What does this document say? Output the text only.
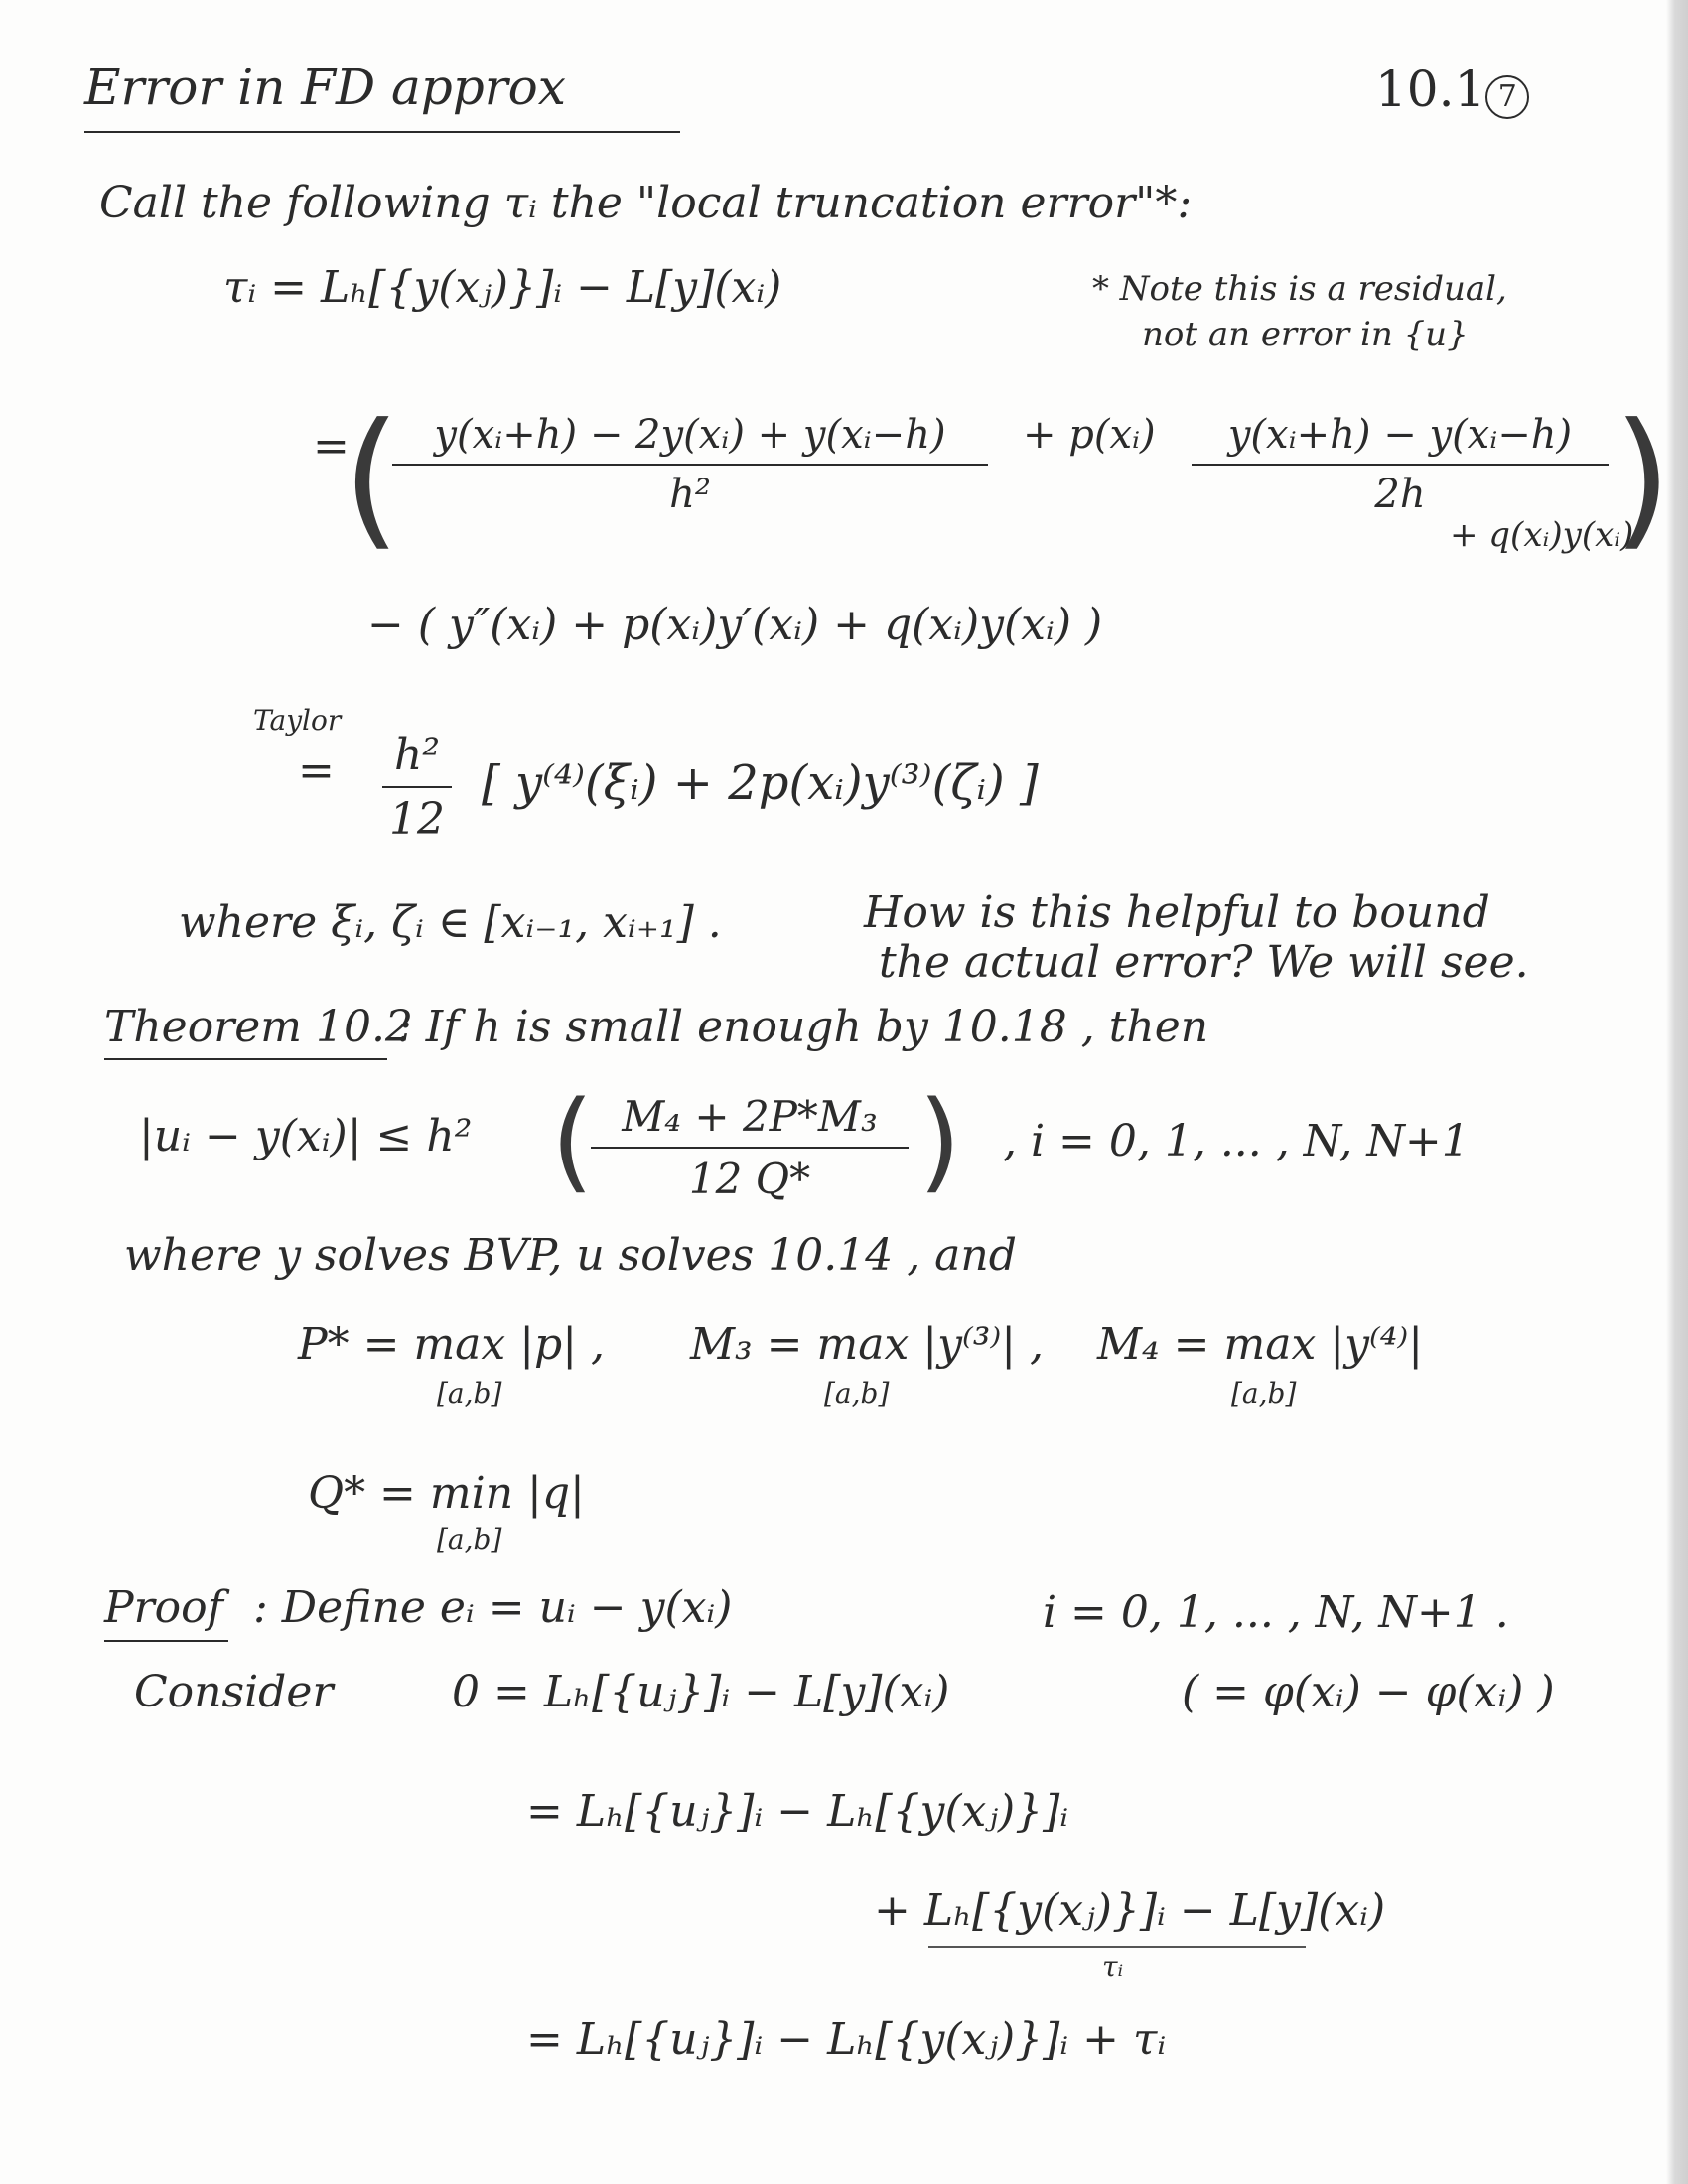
Error in FD approx	10.1 7
Call the following τᵢ the "local truncation error"*:
τᵢ = Lₕ[{y(xⱼ)}]ᵢ − L[y](xᵢ)	* Note this is a residual,
not an error in {u}
(
=	y(xᵢ+h) − 2y(xᵢ) + y(xᵢ−h)
h²
+ p(xᵢ)	y(xᵢ+h) − y(xᵢ−h)
2h	)
+ q(xᵢ)y(xᵢ)
− ( y″(xᵢ) + p(xᵢ)y′(xᵢ) + q(xᵢ)y(xᵢ) )
Taylor
= h²
12
[ y⁽⁴⁾(ξᵢ) + 2p(xᵢ)y⁽³⁾(ζᵢ) ]
where ξᵢ, ζᵢ ∈ [xᵢ₋₁, xᵢ₊₁] .	How is this helpful to bound
the actual error? We will see.
Theorem 10.2
: If h is small enough by 10.18 , then
|uᵢ − y(xᵢ)| ≤ h² ( M₄ + 2P*M₃
12 Q* ) , i = 0, 1, ... , N, N+1
where y solves BVP, u solves 10.14 , and
P* = max |p| ,
[a,b]
M₃ = max |y⁽³⁾| ,
[a,b]
M₄ = max |y⁽⁴⁾|
[a,b]
Q* = min |q|
[a,b]
Proof : Define eᵢ = uᵢ − y(xᵢ)	i = 0, 1, ... , N, N+1 .
Consider	0 = Lₕ[{uⱼ}]ᵢ − L[y](xᵢ)	( = φ(xᵢ) − φ(xᵢ) )
= Lₕ[{uⱼ}]ᵢ − Lₕ[{y(xⱼ)}]ᵢ
+ Lₕ[{y(xⱼ)}]ᵢ − L[y](xᵢ)
τᵢ
= Lₕ[{uⱼ}]ᵢ − Lₕ[{y(xⱼ)}]ᵢ + τᵢ
